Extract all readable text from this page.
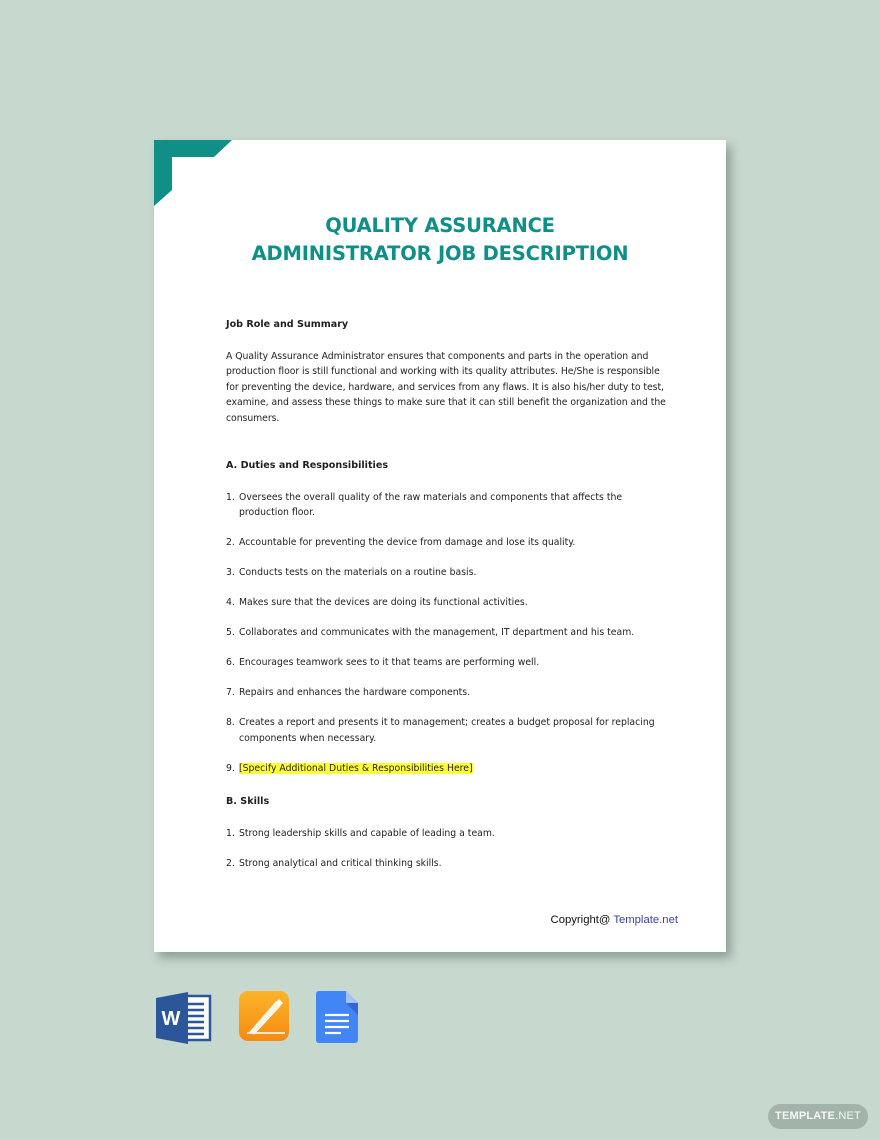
QUALITY ASSURANCE
ADMINISTRATOR JOB DESCRIPTION
Job Role and Summary

A Quality Assurance Administrator ensures that components and parts in the operation and production floor is still functional and working with its quality attributes. He/She is responsible for preventing the device, hardware, and services from any flaws. It is also his/her duty to test, examine, and assess these things to make sure that it can still benefit the organization and the consumers.

A. Duties and Responsibilities
1. Oversees the overall quality of the raw materials and components that affects the production floor.
2. Accountable for preventing the device from damage and lose its quality.
3. Conducts tests on the materials on a routine basis.
4. Makes sure that the devices are doing its functional activities.
5. Collaborates and communicates with the management, IT department and his team.
6. Encourages teamwork sees to it that teams are performing well.
7. Repairs and enhances the hardware components.
8. Creates a report and presents it to management; creates a budget proposal for replacing components when necessary.
9. [Specify Additional Duties & Responsibilities Here]
B. Skills
1. Strong leadership skills and capable of leading a team.
2. Strong analytical and critical thinking skills.
Copyright@ Template.net
W
TEMPLATE.NET
